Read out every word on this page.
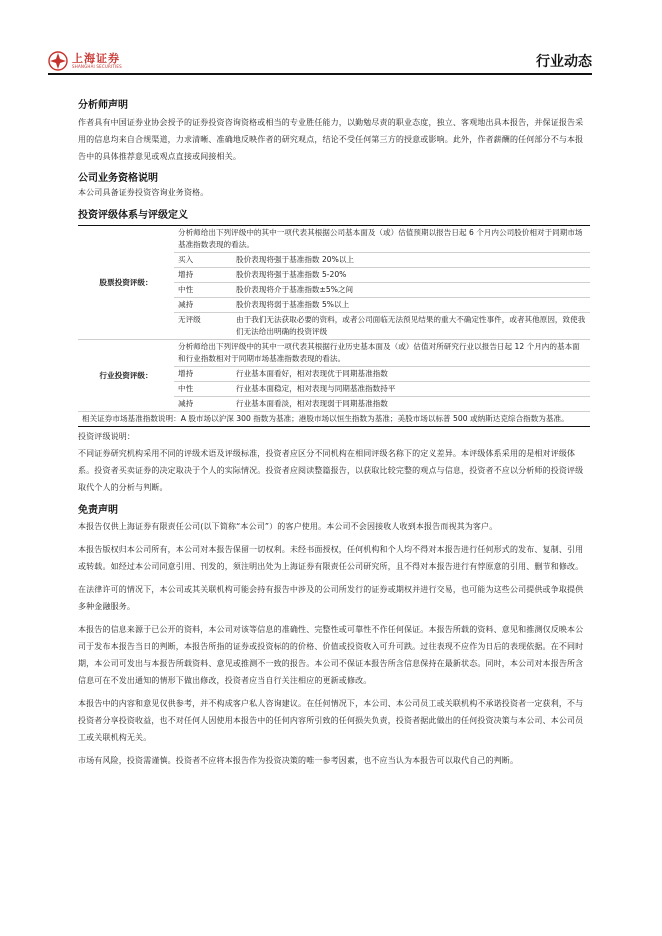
上海证券
SHANGHAI SECURITIES	行业动态

分析师声明

作者具有中国证券业协会授予的证券投资咨询资格或相当的专业胜任能力，以勤勉尽责的职业态度，独立、客观地出具本报告，并保证报告采用的信息均来自合规渠道，力求清晰、准确地反映作者的研究观点，结论不受任何第三方的授意或影响。此外，作者薪酬的任何部分不与本报告中的具体推荐意见或观点直接或间接相关。

公司业务资格说明

本公司具备证券投资咨询业务资格。

投资评级体系与评级定义

股票投资评级：	分析师给出下列评级中的其中一项代表其根据公司基本面及（或）估值预期以报告日起 6 个月内公司股价相对于同期市场基准指数表现的看法。	
	买入	股价表现将强于基准指数 20%以上
	增持	股价表现将强于基准指数 5-20%
	中性	股价表现将介于基准指数±5%之间
	减持	股价表现将弱于基准指数 5%以上
	无评级	由于我们无法获取必要的资料，或者公司面临无法预见结果的重大不确定性事件，或者其他原因，致使我们无法给出明确的投资评级
行业投资评级：	分析师给出下列评级中的其中一项代表其根据行业历史基本面及（或）估值对所研究行业以报告日起 12 个月内的基本面和行业指数相对于同期市场基准指数表现的看法。	
	增持	行业基本面看好，相对表现优于同期基准指数
	中性	行业基本面稳定，相对表现与同期基准指数持平
	减持	行业基本面看淡，相对表现弱于同期基准指数
相关证券市场基准指数说明：A 股市场以沪深 300 指数为基准；港股市场以恒生指数为基准；美股市场以标普 500 或纳斯达克综合指数为基准。		

投资评级说明：

不同证券研究机构采用不同的评级术语及评级标准，投资者应区分不同机构在相同评级名称下的定义差异。本评级体系采用的是相对评级体系。投资者买卖证券的决定取决于个人的实际情况。投资者应阅读整篇报告，以获取比较完整的观点与信息，投资者不应以分析师的投资评级取代个人的分析与判断。

免责声明

本报告仅供上海证券有限责任公司(以下简称“本公司”）的客户使用。本公司不会因接收人收到本报告而视其为客户。

本报告版权归本公司所有，本公司对本报告保留一切权利。未经书面授权，任何机构和个人均不得对本报告进行任何形式的发布、复制、引用或转载。如经过本公司同意引用、刊发的，须注明出处为上海证券有限责任公司研究所，且不得对本报告进行有悖原意的引用、删节和修改。

在法律许可的情况下，本公司或其关联机构可能会持有报告中涉及的公司所发行的证券或期权并进行交易，也可能为这些公司提供或争取提供多种金融服务。

本报告的信息来源于已公开的资料，本公司对该等信息的准确性、完整性或可靠性不作任何保证。本报告所载的资料、意见和推测仅反映本公司于发布本报告当日的判断，本报告所指的证券或投资标的的价格、价值或投资收入可升可跌。过往表现不应作为日后的表现依据。在不同时期，本公司可发出与本报告所载资料、意见或推测不一致的报告。本公司不保证本报告所含信息保持在最新状态。同时，本公司对本报告所含信息可在不发出通知的情形下做出修改，投资者应当自行关注相应的更新或修改。

本报告中的内容和意见仅供参考，并不构成客户私人咨询建议。在任何情况下，本公司、本公司员工或关联机构不承诺投资者一定获利，不与投资者分享投资收益，也不对任何人因使用本报告中的任何内容所引致的任何损失负责，投资者据此做出的任何投资决策与本公司、本公司员工或关联机构无关。

市场有风险，投资需谨慎。投资者不应将本报告作为投资决策的唯一参考因素，也不应当认为本报告可以取代自己的判断。
